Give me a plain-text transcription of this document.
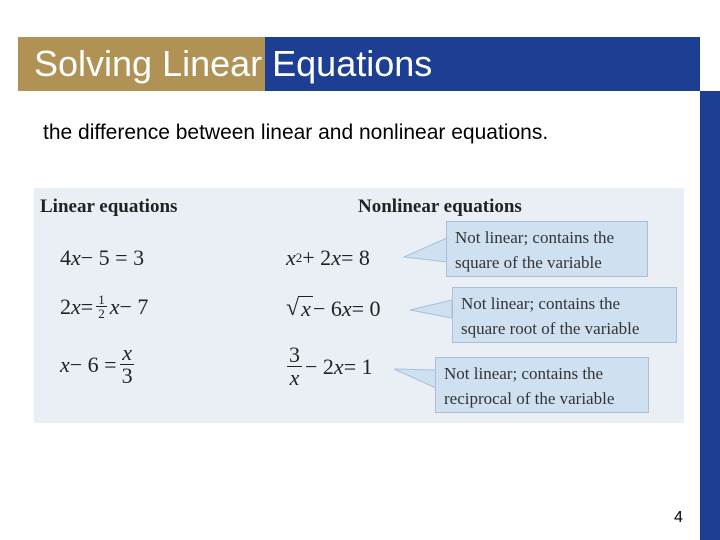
Solving Linear Equations
the difference between linear and nonlinear equations.
Linear equations	Nonlinear equations
4 x − 5 = 3
2 $x = \frac{1}{2}$ x − 7
$x - 6 = \frac{x}{3}$
x 2 + 2 x = 8
√ x − 6 x = 0
$\frac{3}{x} - 2$ x = 1
Not linear; contains the
square of the variable
Not linear; contains the
square root of the variable
Not linear; contains the
reciprocal of the variable
4
